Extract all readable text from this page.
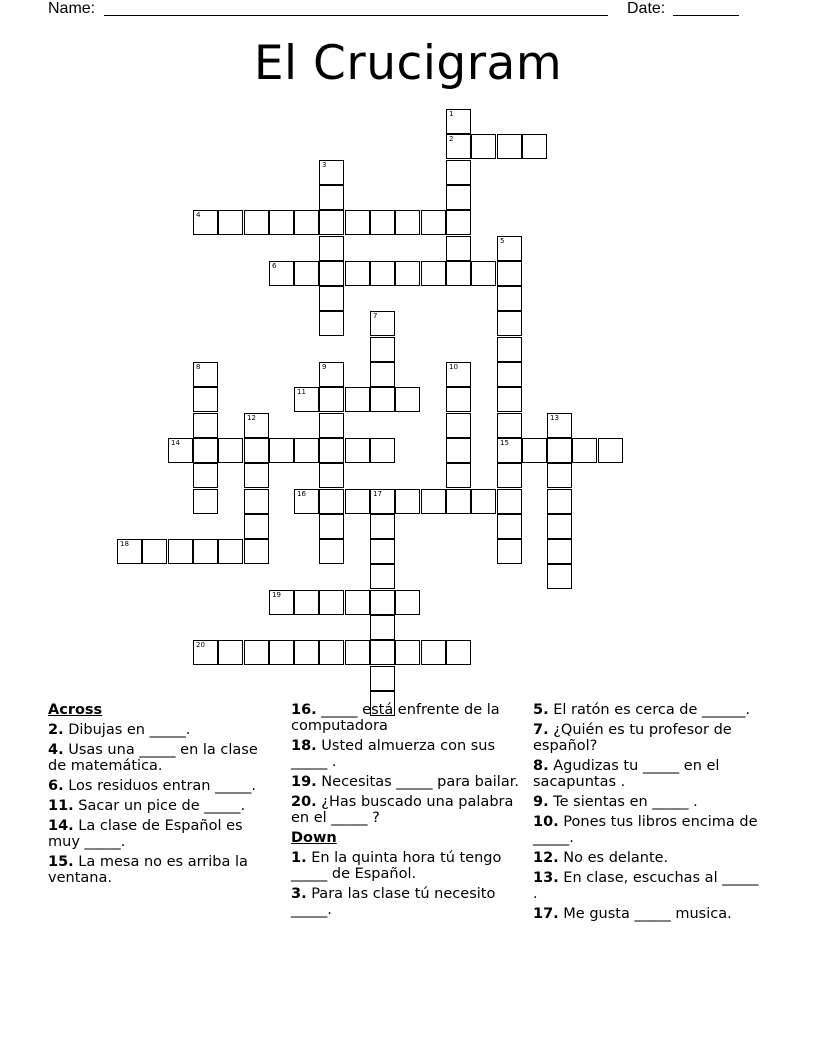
Name:	Date:
El Crucigram
1
2
3
4
5
15
6
7
8	9	10
11
12	13
14
16	17
18
19
20
Across
2. Dibujas en _____.
4. Usas una _____ en la clase de matemática.
6. Los residuos entran _____.
11. Sacar un pice de _____.
14. La clase de Español es muy _____.
15. La mesa no es arriba la ventana.
16. _____ está enfrente de la computadora
18. Usted almuerza con sus _____ .
19. Necesitas _____ para bailar.
20. ¿Has buscado una palabra en el _____ ?
Down
1. En la quinta hora tú tengo _____ de Español.
3. Para las clase tú necesito _____.
5. El ratón es cerca de ______.
7. ¿Quién es tu profesor de español?
8. Agudizas tu _____ en el sacapuntas .
9. Te sientas en _____ .
10. Pones tus libros encima de _____.
12. No es delante.
13. En clase, escuchas al _____ .
17. Me gusta _____ musica.
